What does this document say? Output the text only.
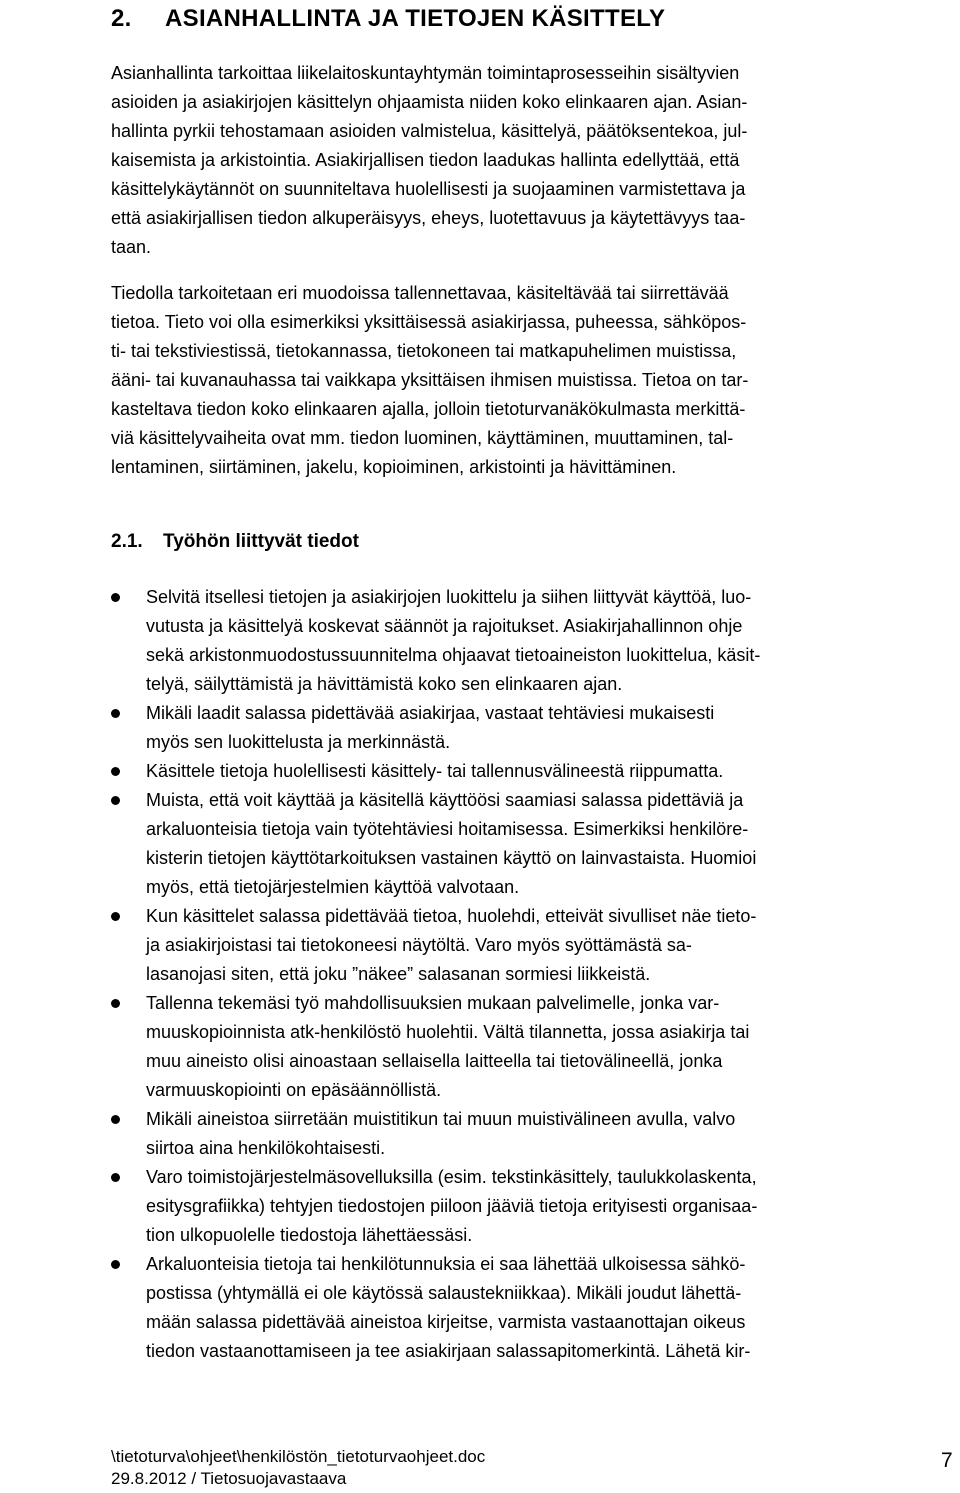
2. ASIANHALLINTA JA TIETOJEN KÄSITTELY

Asianhallinta tarkoittaa liikelaitoskuntayhtymän toimintaprosesseihin sisältyvien
asioiden ja asiakirjojen käsittelyn ohjaamista niiden koko elinkaaren ajan. Asian-
hallinta pyrkii tehostamaan asioiden valmistelua, käsittelyä, päätöksentekoa, jul-
kaisemista ja arkistointia. Asiakirjallisen tiedon laadukas hallinta edellyttää, että
käsittelykäytännöt on suunniteltava huolellisesti ja suojaaminen varmistettava ja
että asiakirjallisen tiedon alkuperäisyys, eheys, luotettavuus ja käytettävyys taa-
taan.

Tiedolla tarkoitetaan eri muodoissa tallennettavaa, käsiteltävää tai siirrettävää
tietoa. Tieto voi olla esimerkiksi yksittäisessä asiakirjassa, puheessa, sähköpos-
ti- tai tekstiviestissä, tietokannassa, tietokoneen tai matkapuhelimen muistissa,
ääni- tai kuvanauhassa tai vaikkapa yksittäisen ihmisen muistissa. Tietoa on tar-
kasteltava tiedon koko elinkaaren ajalla, jolloin tietoturvanäkökulmasta merkittä-
viä käsittelyvaiheita ovat mm. tiedon luominen, käyttäminen, muuttaminen, tal-
lentaminen, siirtäminen, jakelu, kopioiminen, arkistointi ja hävittäminen.

2.1. Työhön liittyvät tiedot
Selvitä itsellesi tietojen ja asiakirjojen luokittelu ja siihen liittyvät käyttöä, luo-
vutusta ja käsittelyä koskevat säännöt ja rajoitukset. Asiakirjahallinnon ohje
sekä arkistonmuodostussuunnitelma ohjaavat tietoaineiston luokittelua, käsit-
telyä, säilyttämistä ja hävittämistä koko sen elinkaaren ajan.
Mikäli laadit salassa pidettävää asiakirjaa, vastaat tehtäviesi mukaisesti
myös sen luokittelusta ja merkinnästä.
Käsittele tietoja huolellisesti käsittely- tai tallennusvälineestä riippumatta.
Muista, että voit käyttää ja käsitellä käyttöösi saamiasi salassa pidettäviä ja
arkaluonteisia tietoja vain työtehtäviesi hoitamisessa. Esimerkiksi henkilöre-
kisterin tietojen käyttötarkoituksen vastainen käyttö on lainvastaista. Huomioi
myös, että tietojärjestelmien käyttöä valvotaan.
Kun käsittelet salassa pidettävää tietoa, huolehdi, etteivät sivulliset näe tieto-
ja asiakirjoistasi tai tietokoneesi näytöltä. Varo myös syöttämästä sa-
lasanojasi siten, että joku ”näkee” salasanan sormiesi liikkeistä.
Tallenna tekemäsi työ mahdollisuuksien mukaan palvelimelle, jonka var-
muuskopioinnista atk-henkilöstö huolehtii. Vältä tilannetta, jossa asiakirja tai
muu aineisto olisi ainoastaan sellaisella laitteella tai tietovälineellä, jonka
varmuuskopiointi on epäsäännöllistä.
Mikäli aineistoa siirretään muistitikun tai muun muistivälineen avulla, valvo
siirtoa aina henkilökohtaisesti.
Varo toimistojärjestelmäsovelluksilla (esim. tekstinkäsittely, taulukkolaskenta,
esitysgrafiikka) tehtyjen tiedostojen piiloon jääviä tietoja erityisesti organisaa-
tion ulkopuolelle tiedostoja lähettäessäsi.
Arkaluonteisia tietoja tai henkilötunnuksia ei saa lähettää ulkoisessa sähkö-
postissa (yhtymällä ei ole käytössä salaustekniikkaa). Mikäli joudut lähettä-
mään salassa pidettävää aineistoa kirjeitse, varmista vastaanottajan oikeus
tiedon vastaanottamiseen ja tee asiakirjaan salassapitomerkintä. Lähetä kir-
\tietoturva\ohjeet\henkilöstön_tietoturvaohjeet.doc
29.8.2012 / Tietosuojavastaava
7
